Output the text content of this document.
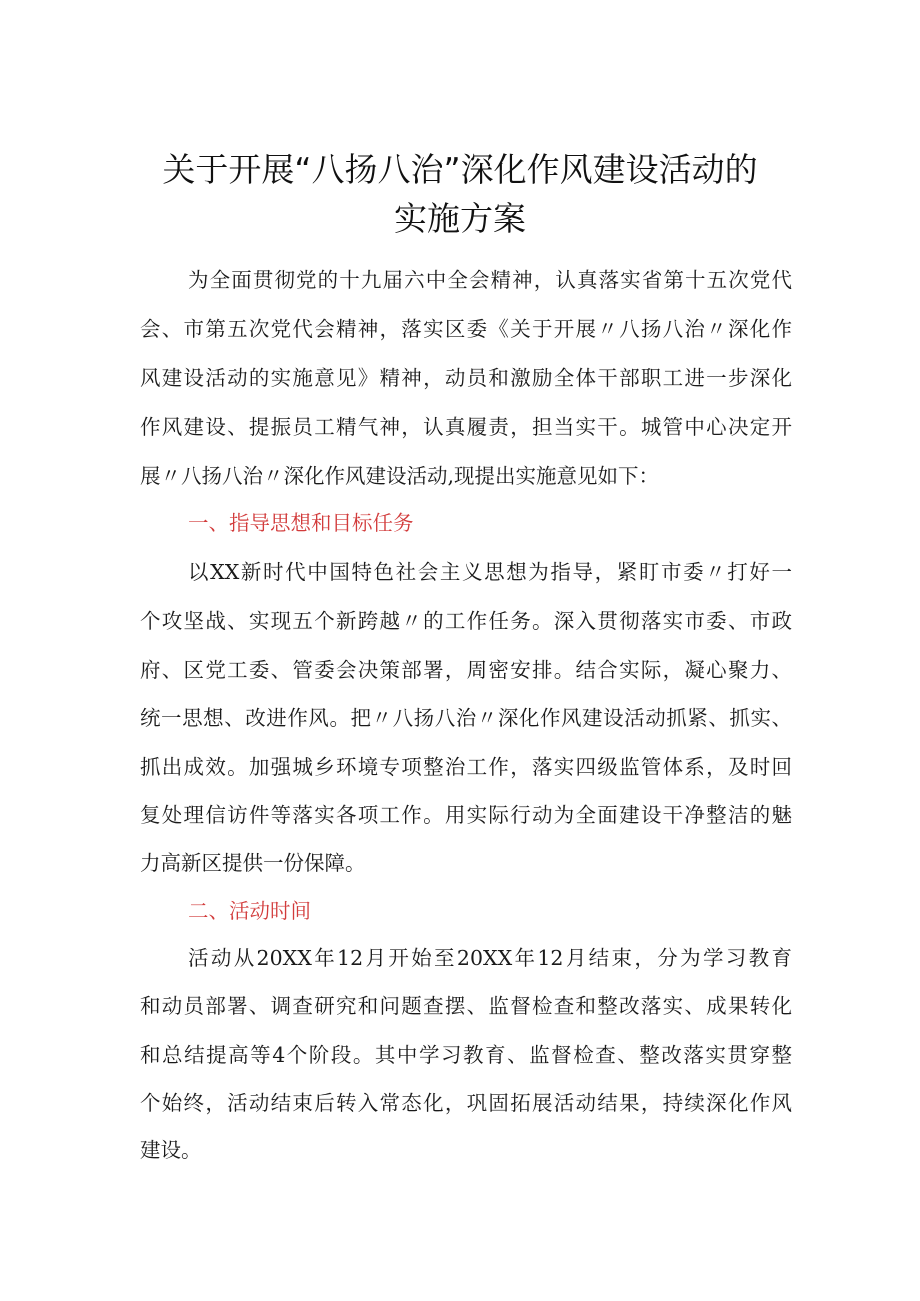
关于开展“八扬八治”深化作风建设活动的
实施方案
为全面贯彻党的十九届六中全会精神，认真落实省第十五次党代
会、市第五次党代会精神，落实区委《关于开展〃八扬八治〃深化作
风建设活动的实施意见》精神，动员和激励全体干部职工进一步深化
作风建设、提振员工精气神，认真履责，担当实干。城管中心决定开
展〃八扬八治〃深化作风建设活动,现提出实施意见如下：
一、指导思想和目标任务
以XX新时代中国特色社会主义思想为指导，紧盯市委〃打好一
个攻坚战、实现五个新跨越〃的工作任务。深入贯彻落实市委、市政
府、区党工委、管委会决策部署，周密安排。结合实际，凝心聚力、
统一思想、改进作风。把〃八扬八治〃深化作风建设活动抓紧、抓实、
抓出成效。加强城乡环境专项整治工作，落实四级监管体系，及时回
复处理信访件等落实各项工作。用实际行动为全面建设干净整洁的魅
力高新区提供一份保障。
二、活动时间
活动从20XX年12月开始至20XX年12月结束，分为学习教育
和动员部署、调查研究和问题查摆、监督检查和整改落实、成果转化
和总结提高等4个阶段。其中学习教育、监督检查、整改落实贯穿整
个始终，活动结束后转入常态化，巩固拓展活动结果，持续深化作风
建设。
